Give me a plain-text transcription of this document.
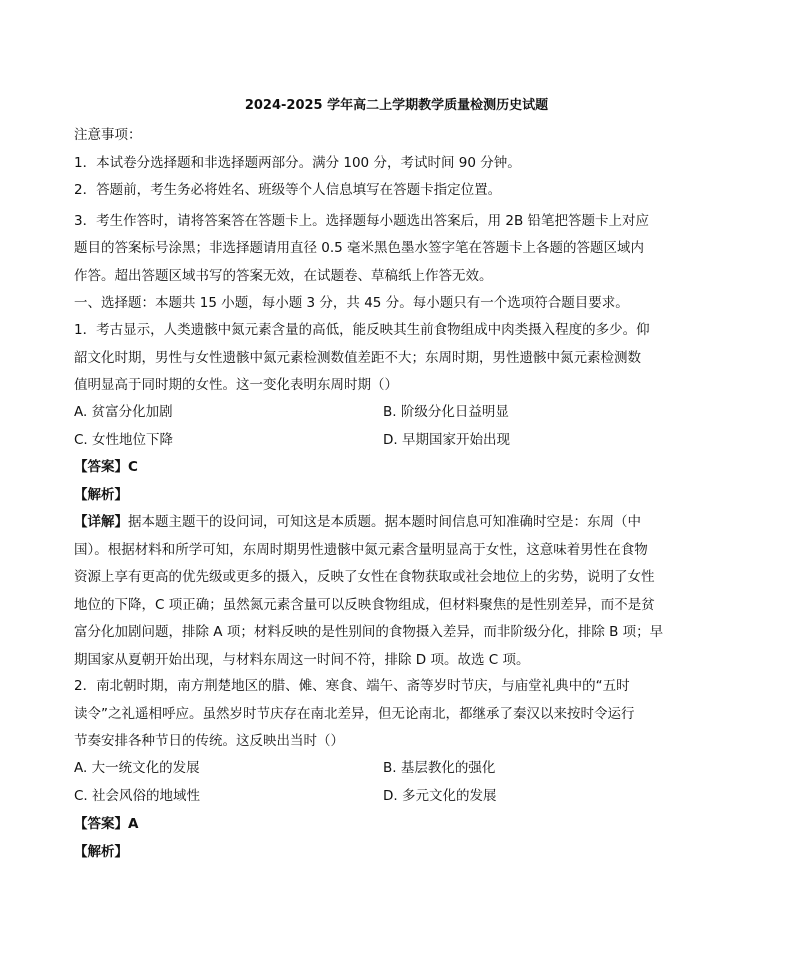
2024-2025 学年高二上学期教学质量检测历史试题
注意事项：
1．本试卷分选择题和非选择题两部分。满分 100 分，考试时间 90 分钟。
2．答题前，考生务必将姓名、班级等个人信息填写在答题卡指定位置。
3．考生作答时，请将答案答在答题卡上。选择题每小题选出答案后，用 2B 铅笔把答题卡上对应
题目的答案标号涂黑；非选择题请用直径 0.5 毫米黑色墨水签字笔在答题卡上各题的答题区域内
作答。超出答题区域书写的答案无效，在试题卷、草稿纸上作答无效。
一、选择题：本题共 15 小题，每小题 3 分，共 45 分。每小题只有一个选项符合题目要求。
1．考古显示，人类遗骸中氮元素含量的高低，能反映其生前食物组成中肉类摄入程度的多少。仰
韶文化时期，男性与女性遗骸中氮元素检测数值差距不大；东周时期，男性遗骸中氮元素检测数
值明显高于同时期的女性。这一变化表明东周时期（）
A. 贫富分化加剧	B. 阶级分化日益明显
C. 女性地位下降	D. 早期国家开始出现
【答案】C
【解析】
【详解】据本题主题干的设问词，可知这是本质题。据本题时间信息可知准确时空是：东周（中
国）。根据材料和所学可知，东周时期男性遗骸中氮元素含量明显高于女性，这意味着男性在食物
资源上享有更高的优先级或更多的摄入，反映了女性在食物获取或社会地位上的劣势，说明了女性
地位的下降，C 项正确；虽然氮元素含量可以反映食物组成，但材料聚焦的是性别差异，而不是贫
富分化加剧问题，排除 A 项；材料反映的是性别间的食物摄入差异，而非阶级分化，排除 B 项；早
期国家从夏朝开始出现，与材料东周这一时间不符，排除 D 项。故选 C 项。
2．南北朝时期，南方荆楚地区的腊、傩、寒食、端午、斋等岁时节庆，与庙堂礼典中的“五时
读令”之礼遥相呼应。虽然岁时节庆存在南北差异，但无论南北，都继承了秦汉以来按时令运行
节奏安排各种节日的传统。这反映出当时（）
A. 大一统文化的发展	B. 基层教化的强化
C. 社会风俗的地域性	D. 多元文化的发展
【答案】A
【解析】
